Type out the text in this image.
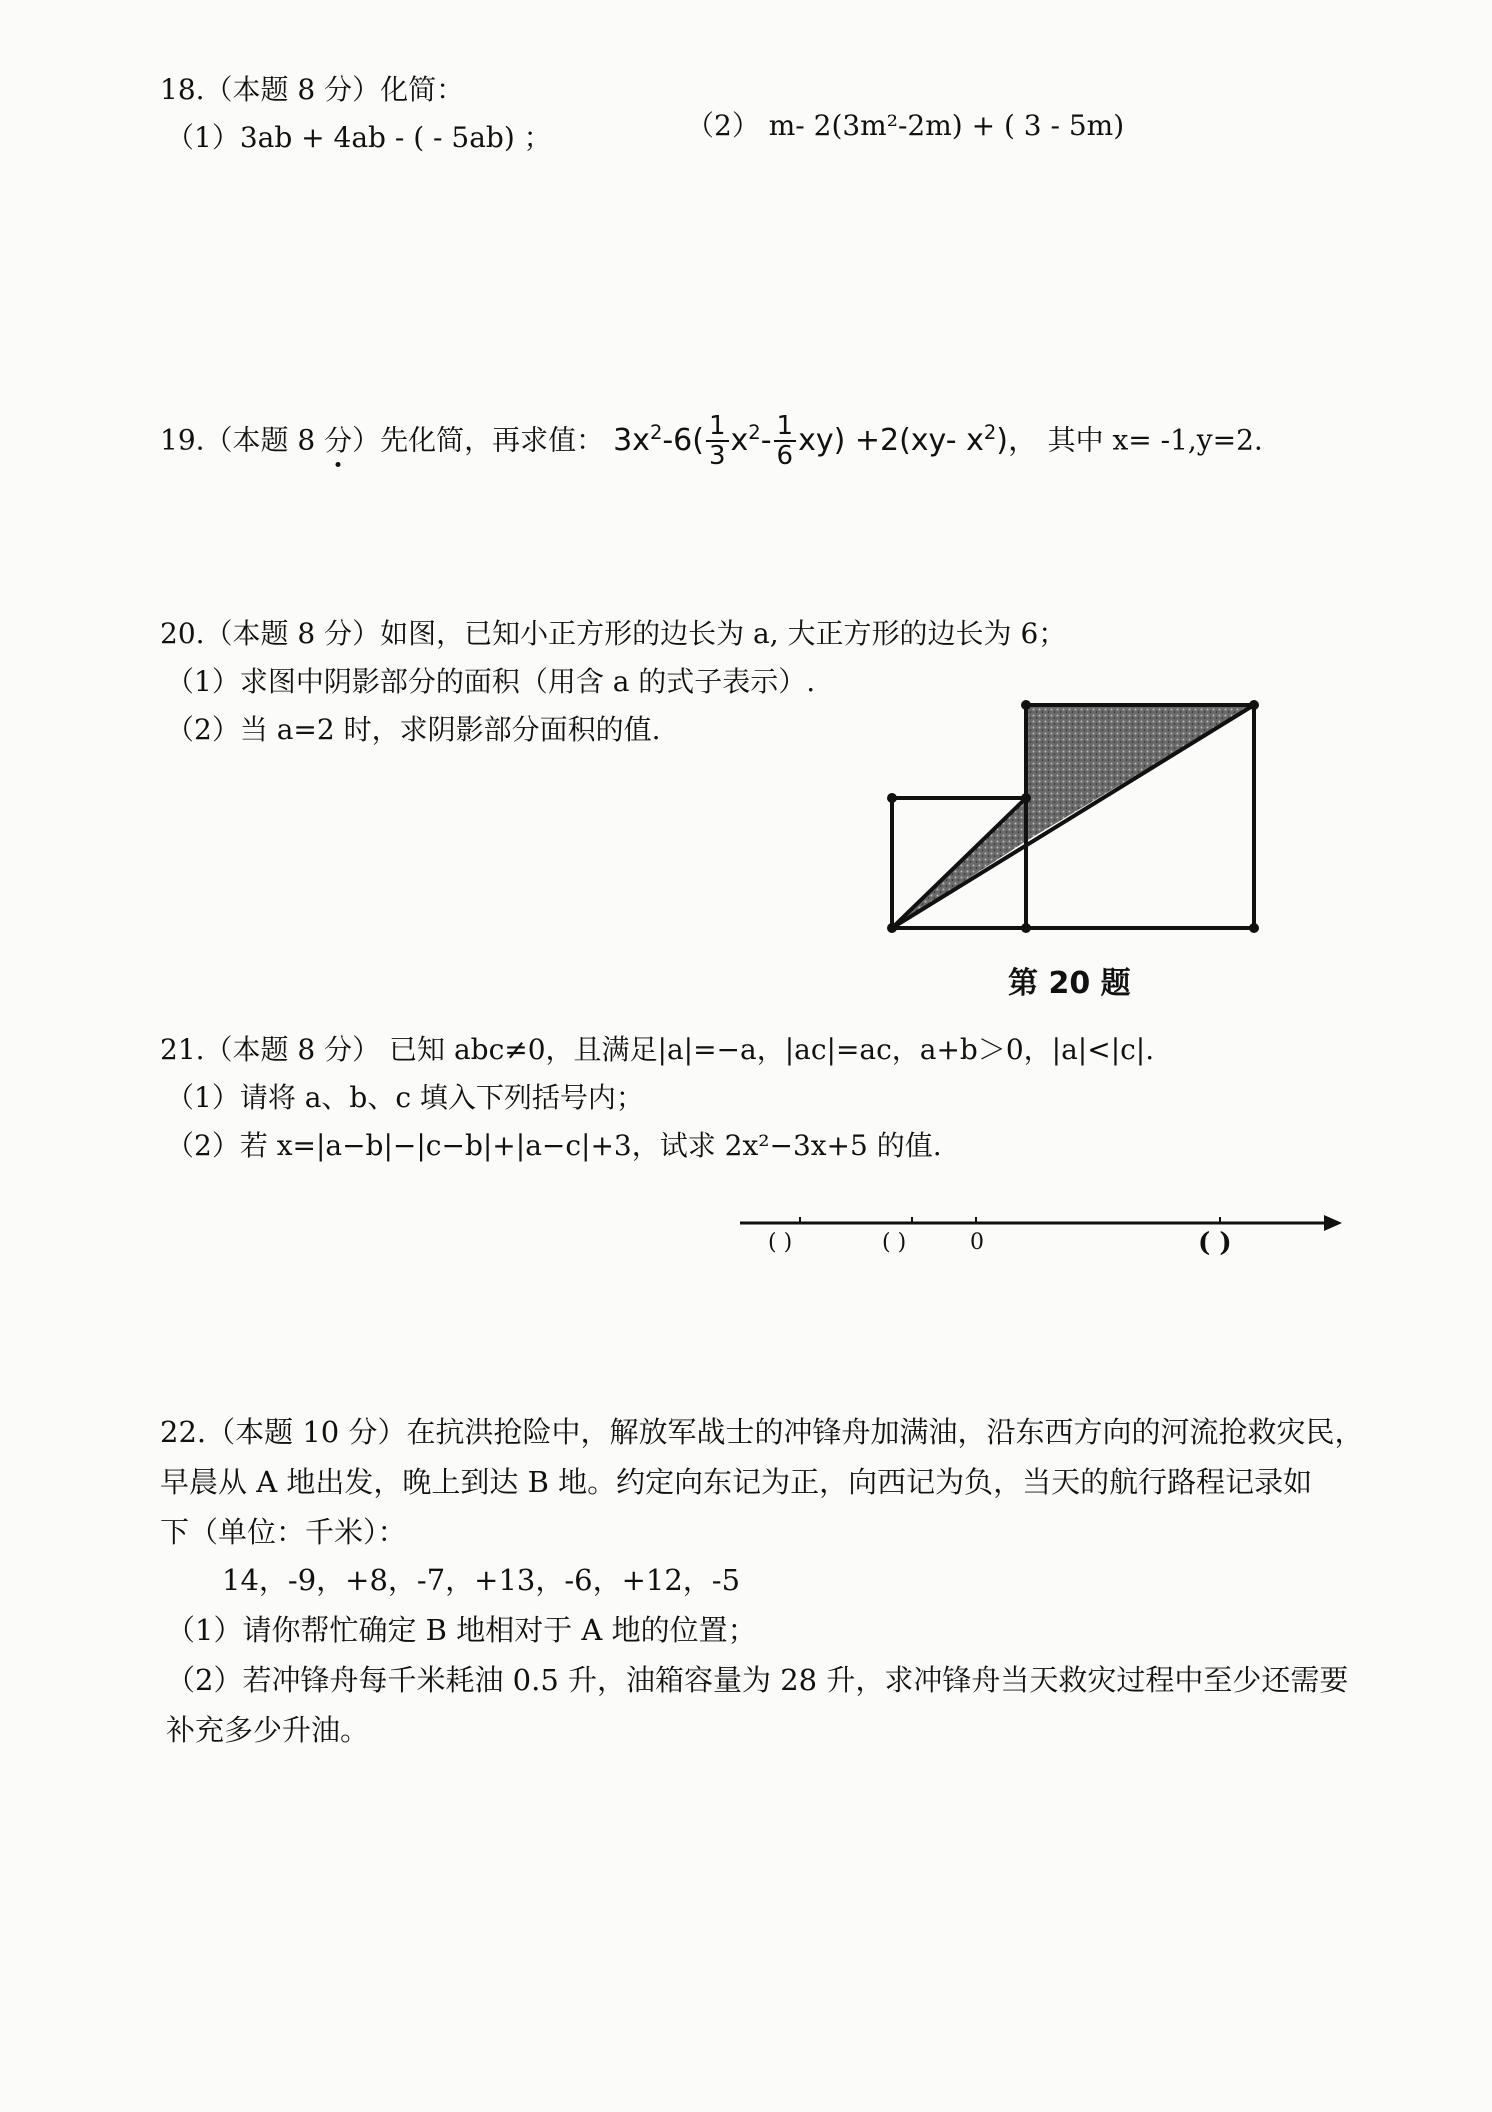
18.（本题 8 分）化简：
（1）3ab + 4ab - ( - 5ab) ；	（2） m- 2(3m²-2m) + ( 3 - 5m)
19.（本题 8 分）先化简，再求值： $3x^2-6( \frac{1}{3} x^2- \frac{1}{6} xy) +2(xy-$ $x^2$)， 其中 x= -1,y=2.
20.（本题 8 分）如图，已知小正方形的边长为 a, 大正方形的边长为 6；
（1）求图中阴影部分的面积（用含 a 的式子表示）.
（2）当 a=2 时，求阴影部分面积的值.
第 20 题
21.（本题 8 分） 已知 abc≠0，且满足|a|=−a，|ac|=ac，a+b＞0，|a|<|c|.
（1）请将 a、b、c 填入下列括号内；
（2）若 x=|a−b|−|c−b|+|a−c|+3，试求 2x²−3x+5 的值.
( )	( )	0	( )
22.（本题 10 分）在抗洪抢险中，解放军战士的冲锋舟加满油，沿东西方向的河流抢救灾民，
早晨从 A 地出发，晚上到达 B 地。约定向东记为正，向西记为负，当天的航行路程记录如
下（单位：千米）：
14，-9，+8，-7，+13，-6，+12，-5
（1）请你帮忙确定 B 地相对于 A 地的位置；
（2）若冲锋舟每千米耗油 0.5 升，油箱容量为 28 升，求冲锋舟当天救灾过程中至少还需要
补充多少升油。
